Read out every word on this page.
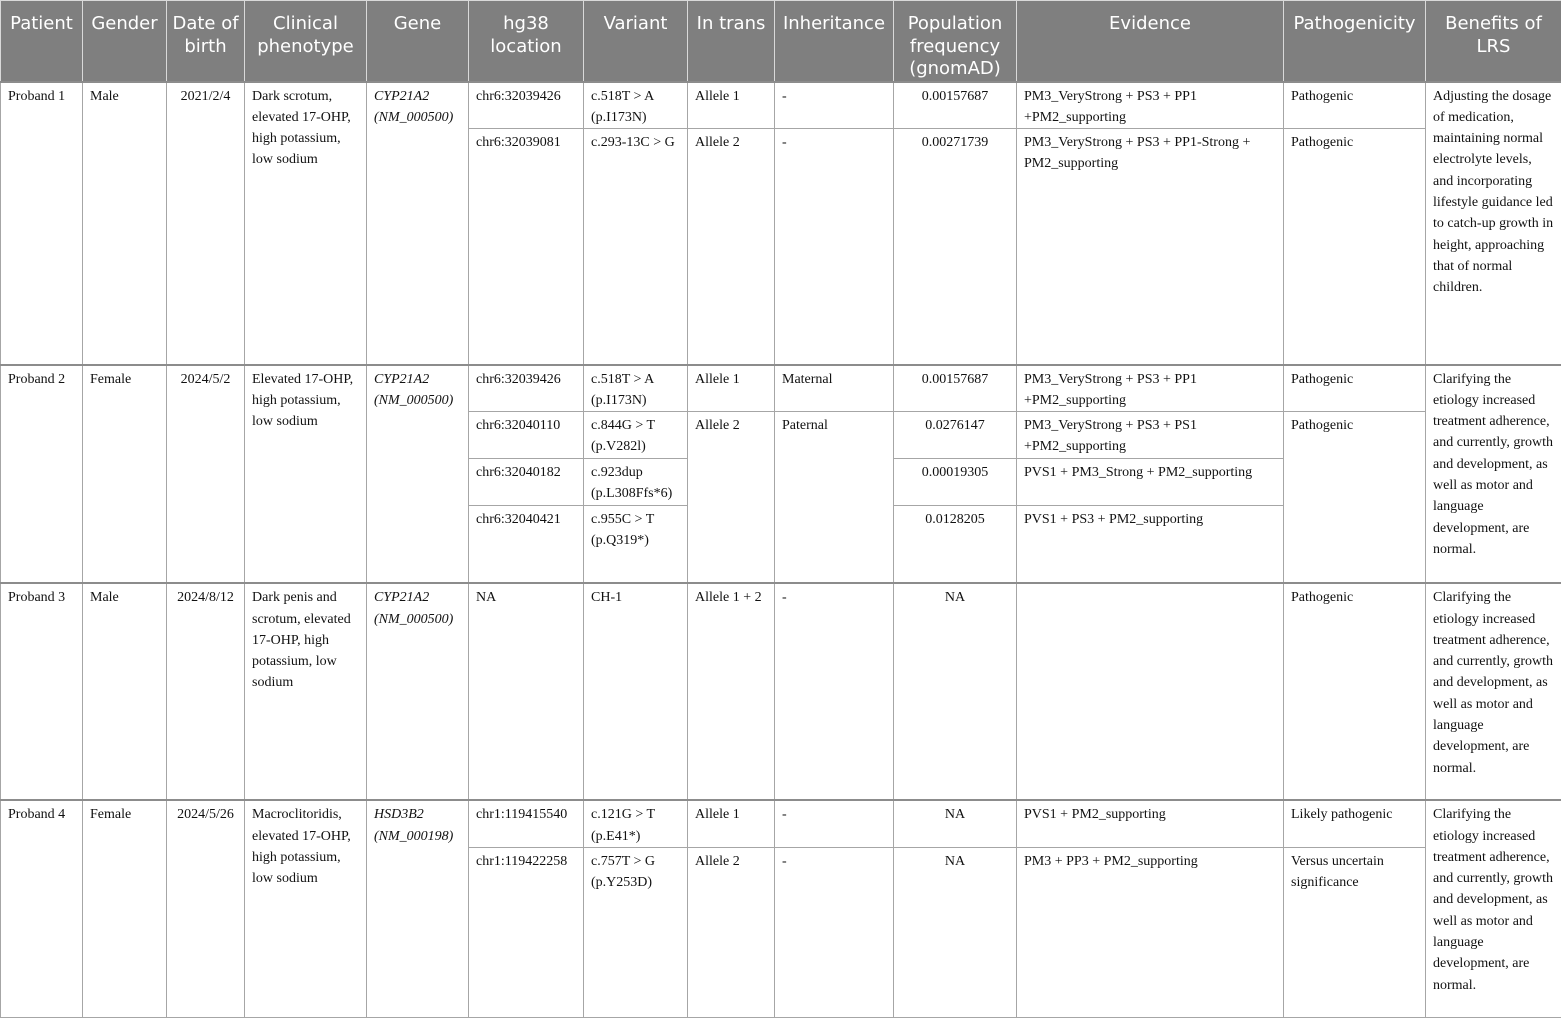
Patient	Gender	Date of birth	Clinical phenotype	Gene	hg38 location	Variant	In trans	Inheritance	Population frequency (gnomAD)	Evidence	Pathogenicity	Benefits of LRS
Proband 1	Male	2021/2/4	Dark scrotum, elevated 17-OHP, high potassium, low sodium	CYP21A2 (NM_000500)	chr6:32039426	c.518T > A (p.I173N)	Allele 1	-	0.00157687	PM3_VeryStrong + PS3 + PP1 +PM2_supporting	Pathogenic	Adjusting the dosage of medication, maintaining normal electrolyte levels, and incorporating lifestyle guidance led to catch-up growth in height, approaching that of normal children.
					chr6:32039081	c.293-13C > G	Allele 2	-	0.00271739	PM3_VeryStrong + PS3 + PP1-Strong + PM2_supporting	Pathogenic	
Proband 2	Female	2024/5/2	Elevated 17-OHP, high potassium, low sodium	CYP21A2 (NM_000500)	chr6:32039426	c.518T > A (p.I173N)	Allele 1	Maternal	0.00157687	PM3_VeryStrong + PS3 + PP1 +PM2_supporting	Pathogenic	Clarifying the etiology increased treatment adherence, and currently, growth and development, as well as motor and language development, are normal.
					chr6:32040110	c.844G > T (p.V282l)	Allele 2	Paternal	0.0276147	PM3_VeryStrong + PS3 + PS1 +PM2_supporting	Pathogenic	
					chr6:32040182	c.923dup (p.L308Ffs*6)			0.00019305	PVS1 + PM3_Strong + PM2_supporting		
					chr6:32040421	c.955C > T (p.Q319*)			0.0128205	PVS1 + PS3 + PM2_supporting		
Proband 3	Male	2024/8/12	Dark penis and scrotum, elevated 17-OHP, high potassium, low sodium	CYP21A2 (NM_000500)	NA	CH-1	Allele 1 + 2	-	NA		Pathogenic	Clarifying the etiology increased treatment adherence, and currently, growth and development, as well as motor and language development, are normal.
Proband 4	Female	2024/5/26	Macroclitoridis, elevated 17-OHP, high potassium, low sodium	HSD3B2 (NM_000198)	chr1:119415540	c.121G > T (p.E41*)	Allele 1	-	NA	PVS1 + PM2_supporting	Likely pathogenic	Clarifying the etiology increased treatment adherence, and currently, growth and development, as well as motor and language development, are normal.
					chr1:119422258	c.757T > G (p.Y253D)	Allele 2	-	NA	PM3 + PP3 + PM2_supporting	Versus uncertain significance	
